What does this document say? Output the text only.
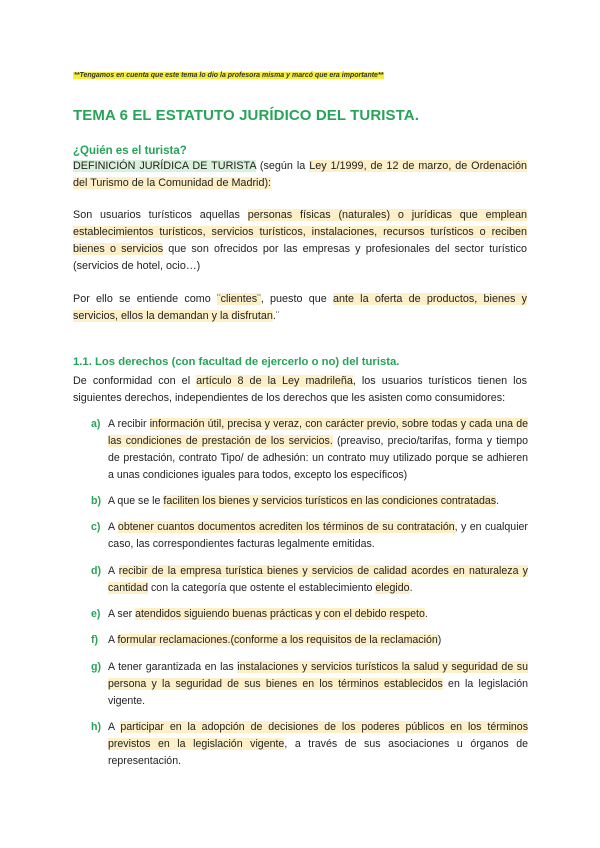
**Tengamos en cuenta que este tema lo dio la profesora misma y marcó que era importante**
TEMA 6 EL ESTATUTO JURÍDICO DEL TURISTA.
¿Quién es el turista?

DEFINICIÓN JURÍDICA DE TURISTA (según la Ley 1/1999, de 12 de marzo, de Ordenación del Turismo de la Comunidad de Madrid):

Son usuarios turísticos aquellas personas físicas (naturales) o jurídicas que emplean establecimientos turísticos, servicios turísticos, instalaciones, recursos turísticos o reciben bienes o servicios que son ofrecidos por las empresas y profesionales del sector turístico (servicios de hotel, ocio…)

Por ello se entiende como ¨clientes¨, puesto que ante la oferta de productos, bienes y servicios, ellos la demandan y la disfrutan.¨

1.1. Los derechos (con facultad de ejercerlo o no) del turista.

De conformidad con el artículo 8 de la Ley madrileña, los usuarios turísticos tienen los siguientes derechos, independientes de los derechos que les asisten como consumidores:

a) A recibir información útil, precisa y veraz, con carácter previo, sobre todas y cada una de las condiciones de prestación de los servicios. (preaviso, precio/tarifas, forma y tiempo de prestación, contrato Tipo/ de adhesión: un contrato muy utilizado porque se adhieren a unas condiciones iguales para todos, excepto los específicos)

b) A que se le faciliten los bienes y servicios turísticos en las condiciones contratadas.

c) A obtener cuantos documentos acrediten los términos de su contratación, y en cualquier caso, las correspondientes facturas legalmente emitidas.

d) A recibir de la empresa turística bienes y servicios de calidad acordes en naturaleza y cantidad con la categoría que ostente el establecimiento elegido.

e) A ser atendidos siguiendo buenas prácticas y con el debido respeto.

f) A formular reclamaciones.(conforme a los requisitos de la reclamación)

g) A tener garantizada en las instalaciones y servicios turísticos la salud y seguridad de su persona y la seguridad de sus bienes en los términos establecidos en la legislación vigente.

h) A participar en la adopción de decisiones de los poderes públicos en los términos previstos en la legislación vigente, a través de sus asociaciones u órganos de representación.
